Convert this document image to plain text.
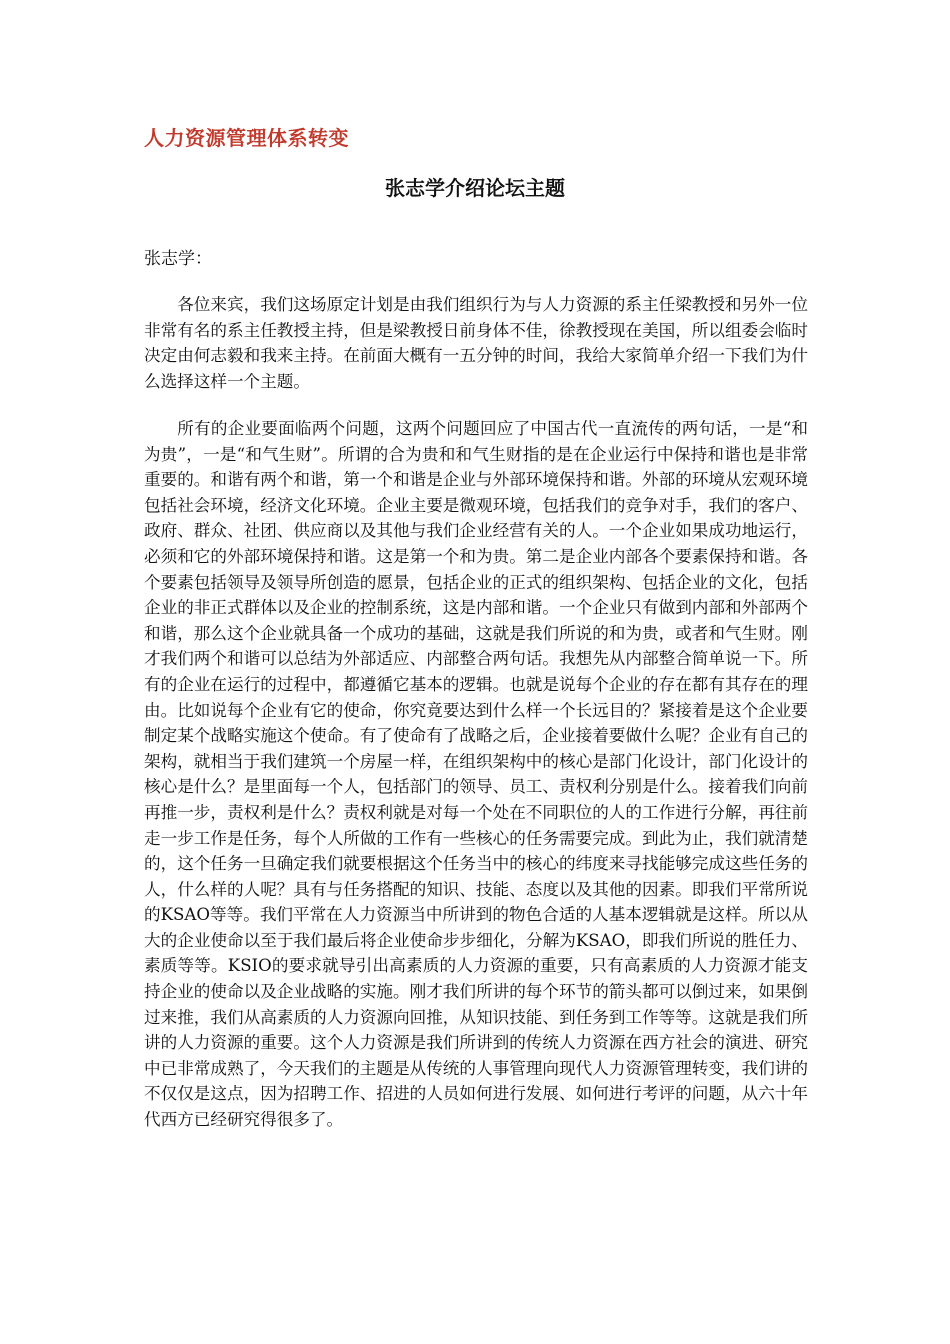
人力资源管理体系转变
张志学介绍论坛主题
张志学：

各位来宾，我们这场原定计划是由我们组织行为与人力资源的系主任梁教授和另外一位非常有名的系主任教授主持，但是梁教授日前身体不佳，徐教授现在美国，所以组委会临时决定由何志毅和我来主持。在前面大概有一五分钟的时间，我给大家简单介绍一下我们为什么选择这样一个主题。

所有的企业要面临两个问题，这两个问题回应了中国古代一直流传的两句话，一是“和为贵”，一是“和气生财”。所谓的合为贵和和气生财指的是在企业运行中保持和谐也是非常重要的。和谐有两个和谐，第一个和谐是企业与外部环境保持和谐。外部的环境从宏观环境包括社会环境，经济文化环境。企业主要是微观环境，包括我们的竞争对手，我们的客户、政府、群众、社团、供应商以及其他与我们企业经营有关的人。一个企业如果成功地运行，必须和它的外部环境保持和谐。这是第一个和为贵。第二是企业内部各个要素保持和谐。各个要素包括领导及领导所创造的愿景，包括企业的正式的组织架构、包括企业的文化，包括企业的非正式群体以及企业的控制系统，这是内部和谐。一个企业只有做到内部和外部两个和谐，那么这个企业就具备一个成功的基础，这就是我们所说的和为贵，或者和气生财。刚才我们两个和谐可以总结为外部适应、内部整合两句话。我想先从内部整合简单说一下。所有的企业在运行的过程中，都遵循它基本的逻辑。也就是说每个企业的存在都有其存在的理由。比如说每个企业有它的使命，你究竟要达到什么样一个长远目的？紧接着是这个企业要制定某个战略实施这个使命。有了使命有了战略之后，企业接着要做什么呢？企业有自己的架构，就相当于我们建筑一个房屋一样，在组织架构中的核心是部门化设计，部门化设计的核心是什么？是里面每一个人，包括部门的领导、员工、责权利分别是什么。接着我们向前再推一步，责权利是什么？责权利就是对每一个处在不同职位的人的工作进行分解，再往前走一步工作是任务，每个人所做的工作有一些核心的任务需要完成。到此为止，我们就清楚的，这个任务一旦确定我们就要根据这个任务当中的核心的纬度来寻找能够完成这些任务的人，什么样的人呢？具有与任务搭配的知识、技能、态度以及其他的因素。即我们平常所说的KSAO等等。我们平常在人力资源当中所讲到的物色合适的人基本逻辑就是这样。所以从大的企业使命以至于我们最后将企业使命步步细化，分解为KSAO，即我们所说的胜任力、素质等等。KSIO的要求就导引出高素质的人力资源的重要，只有高素质的人力资源才能支持企业的使命以及企业战略的实施。刚才我们所讲的每个环节的箭头都可以倒过来，如果倒过来推，我们从高素质的人力资源向回推，从知识技能、到任务到工作等等。这就是我们所讲的人力资源的重要。这个人力资源是我们所讲到的传统人力资源在西方社会的演进、研究中已非常成熟了，今天我们的主题是从传统的人事管理向现代人力资源管理转变，我们讲的不仅仅是这点，因为招聘工作、招进的人员如何进行发展、如何进行考评的问题，从六十年代西方已经研究得很多了。
